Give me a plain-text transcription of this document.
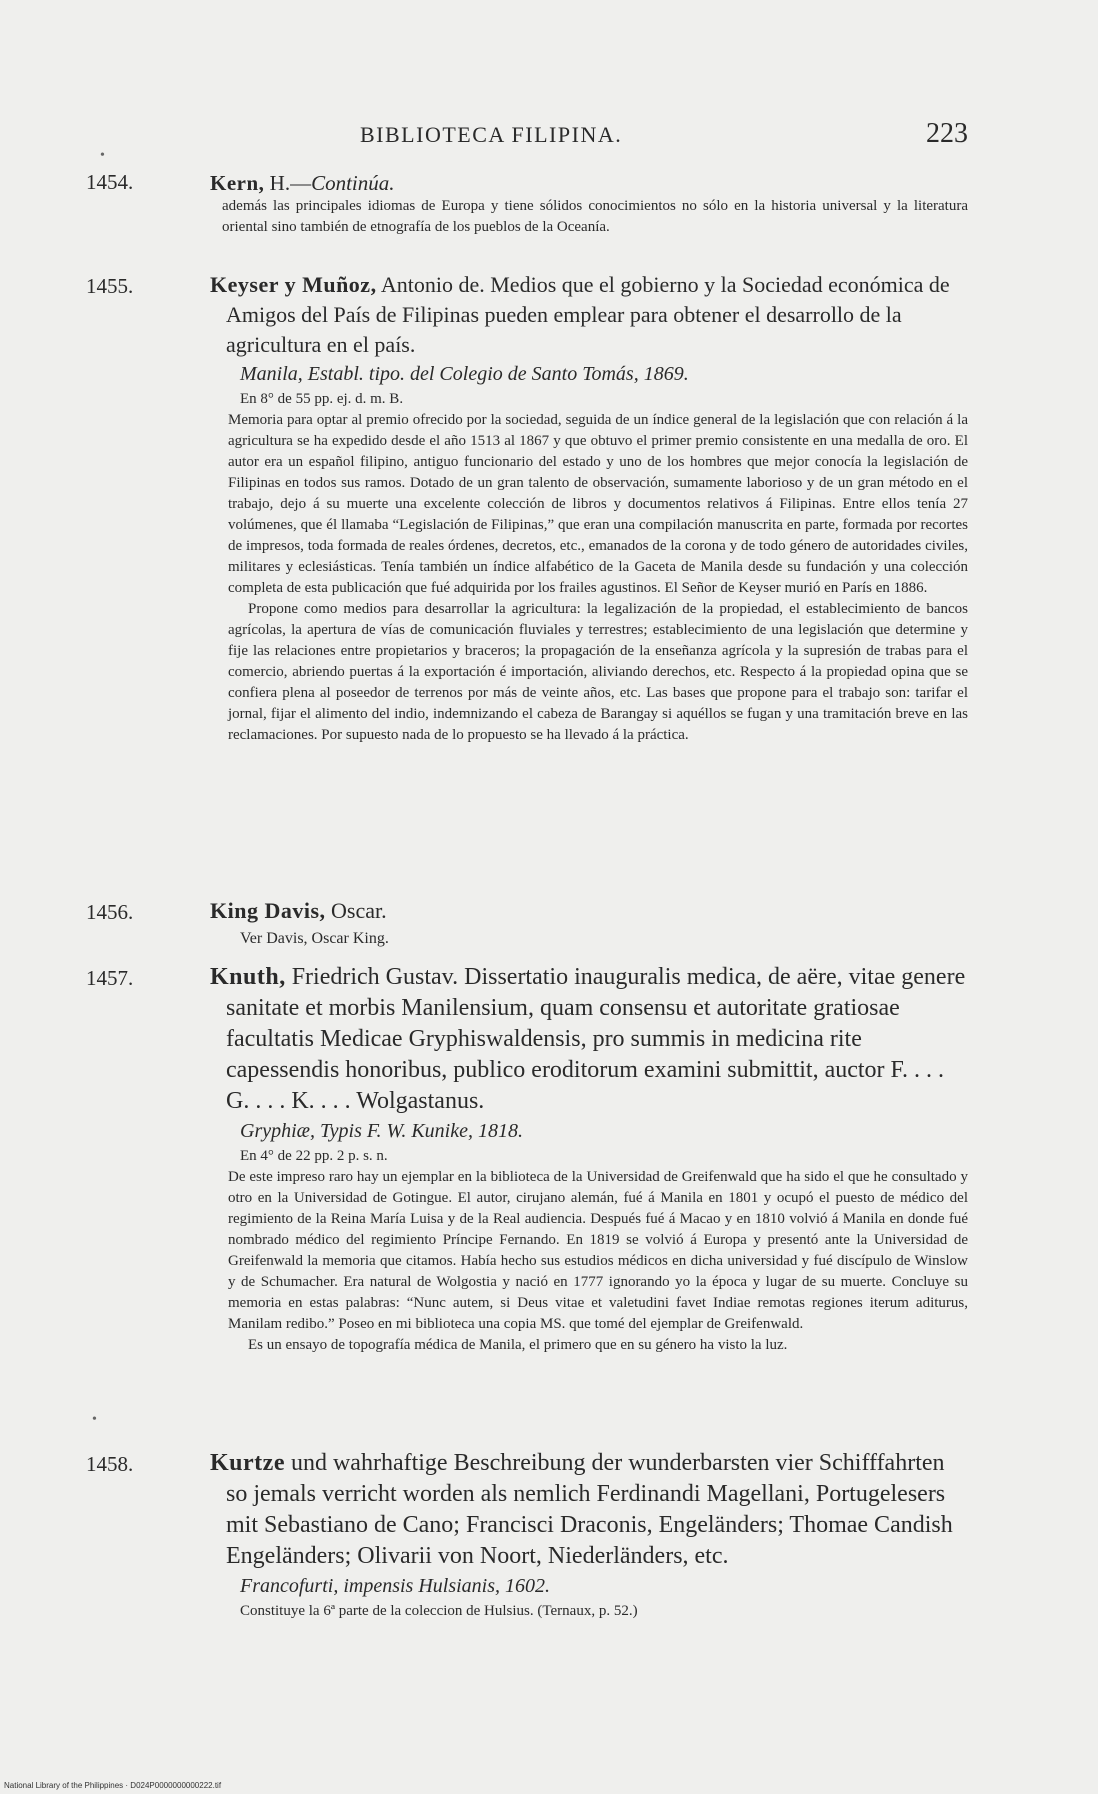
BIBLIOTECA FILIPINA.	223
•
1454.	Kern, H.—Continúa.
además las principales idiomas de Europa y tiene sólidos conocimientos no sólo en la historia universal y la literatura oriental sino también de etnografía de los pueblos de la Oceanía.
1455.	Keyser y Muñoz, Antonio de. Medios que el gobierno y la Sociedad económica de Amigos del País de Filipinas pueden emplear para obtener el desarrollo de la agricultura en el país.
Manila, Establ. tipo. del Colegio de Santo Tomás, 1869.
En 8° de 55 pp. ej. d. m. B.
Memoria para optar al premio ofrecido por la sociedad, seguida de un índice general de la legislación que con relación á la agricultura se ha expedido desde el año 1513 al 1867 y que obtuvo el primer premio consistente en una medalla de oro. El autor era un español filipino, antiguo funcionario del estado y uno de los hombres que mejor conocía la legislación de Filipinas en todos sus ramos. Dotado de un gran talento de observación, sumamente laborioso y de un gran método en el trabajo, dejo á su muerte una excelente colección de libros y documentos relativos á Filipinas. Entre ellos tenía 27 volúmenes, que él llamaba “Legislación de Filipinas,” que eran una compilación manuscrita en parte, formada por recortes de impresos, toda formada de reales órdenes, decretos, etc., emanados de la corona y de todo género de autoridades civiles, militares y eclesiásticas. Tenía también un índice alfabético de la Gaceta de Manila desde su fundación y una colección completa de esta publicación que fué adquirida por los frailes agustinos. El Señor de Keyser murió en París en 1886.
Propone como medios para desarrollar la agricultura: la legalización de la propiedad, el establecimiento de bancos agrícolas, la apertura de vías de comunicación fluviales y terrestres; establecimiento de una legislación que determine y fije las relaciones entre propietarios y braceros; la propagación de la enseñanza agrícola y la supresión de trabas para el comercio, abriendo puertas á la exportación é importación, aliviando derechos, etc. Respecto á la propiedad opina que se confiera plena al poseedor de terrenos por más de veinte años, etc. Las bases que propone para el trabajo son: tarifar el jornal, fijar el alimento del indio, indemnizando el cabeza de Barangay si aquéllos se fugan y una tramitación breve en las reclamaciones. Por supuesto nada de lo propuesto se ha llevado á la práctica.
1456.	King Davis, Oscar.
Ver Davis, Oscar King.
1457.	Knuth, Friedrich Gustav. Dissertatio inauguralis medica, de aëre, vitae genere sanitate et morbis Manilensium, quam consensu et autoritate gratiosae facultatis Medicae Gryphiswaldensis, pro summis in medicina rite capessendis honoribus, publico eroditorum examini submittit, auctor F. . . . G. . . . K. . . . Wolgastanus.
Gryphiæ, Typis F. W. Kunike, 1818.
En 4° de 22 pp. 2 p. s. n.
De este impreso raro hay un ejemplar en la biblioteca de la Universidad de Greifenwald que ha sido el que he consultado y otro en la Universidad de Gotingue. El autor, cirujano alemán, fué á Manila en 1801 y ocupó el puesto de médico del regimiento de la Reina María Luisa y de la Real audiencia. Después fué á Macao y en 1810 volvió á Manila en donde fué nombrado médico del regimiento Príncipe Fernando. En 1819 se volvió á Europa y presentó ante la Universidad de Greifenwald la memoria que citamos. Había hecho sus estudios médicos en dicha universidad y fué discípulo de Winslow y de Schumacher. Era natural de Wolgostia y nació en 1777 ignorando yo la época y lugar de su muerte. Concluye su memoria en estas palabras: “Nunc autem, si Deus vitae et valetudini favet Indiae remotas regiones iterum aditurus, Manilam redibo.” Poseo en mi biblioteca una copia MS. que tomé del ejemplar de Greifenwald.
Es un ensayo de topografía médica de Manila, el primero que en su género ha visto la luz.
•
1458.	Kurtze und wahrhaftige Beschreibung der wunderbarsten vier Schifffahrten so jemals verricht worden als nemlich Ferdinandi Magellani, Portugelesers mit Sebastiano de Cano; Francisci Draconis, Engeländers; Thomae Candish Engeländers; Olivarii von Noort, Niederländers, etc.
Francofurti, impensis Hulsianis, 1602.
Constituye la 6ª parte de la coleccion de Hulsius. (Ternaux, p. 52.)
National Library of the Philippines · D024P0000000000222.tif
